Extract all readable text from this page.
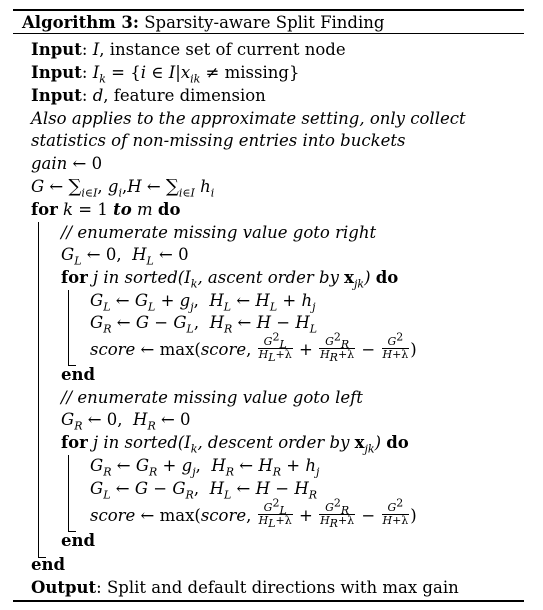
Algorithm 3: Sparsity-aware Split Finding
Input: I, instance set of current node
Input: $I_k = \{i$ ∈ $I|x_{ik} \ne missing$}
Input: d, feature dimension
Also applies to the approximate setting, only collect
statistics of non-missing entries into buckets
gain ← 0
G ← $\sum_{i\in I}$, $g_i,H$ ← $\sum_{i\in I}$ $h_i$
for k = 1 to m do
// enumerate missing value goto right
$G_L$ ← 0,  $H_L$ ← 0
for j in $sorted(I_k$, ascent order by $x_{jk}$) do
$G_L$ ← $G_L + g_j$,  $H_L$ ← $H_L + h_j$
$G_R$ ← $G - G_L$,  $H_R$ ← $H - H_L$
score ← max(score, $\frac{G^2_L}{H_L+\lambda} + \frac{G^2_R}{H_R+\lambda} - \frac{G^2}{H+\lambda}$ )
end
// enumerate missing value goto left
$G_R$ ← 0,  $H_R$ ← 0
for j in $sorted(I_k$, descent order by $x_{jk}$) do
$G_R$ ← $G_R + g_j$,  $H_R$ ← $H_R + h_j$
$G_L$ ← $G - G_R$,  $H_L$ ← $H - H_R$
score ← max(score, $\frac{G^2_L}{H_L+\lambda} + \frac{G^2_R}{H_R+\lambda} - \frac{G^2}{H+\lambda}$ )
end
end
Output: Split and default directions with max gain
